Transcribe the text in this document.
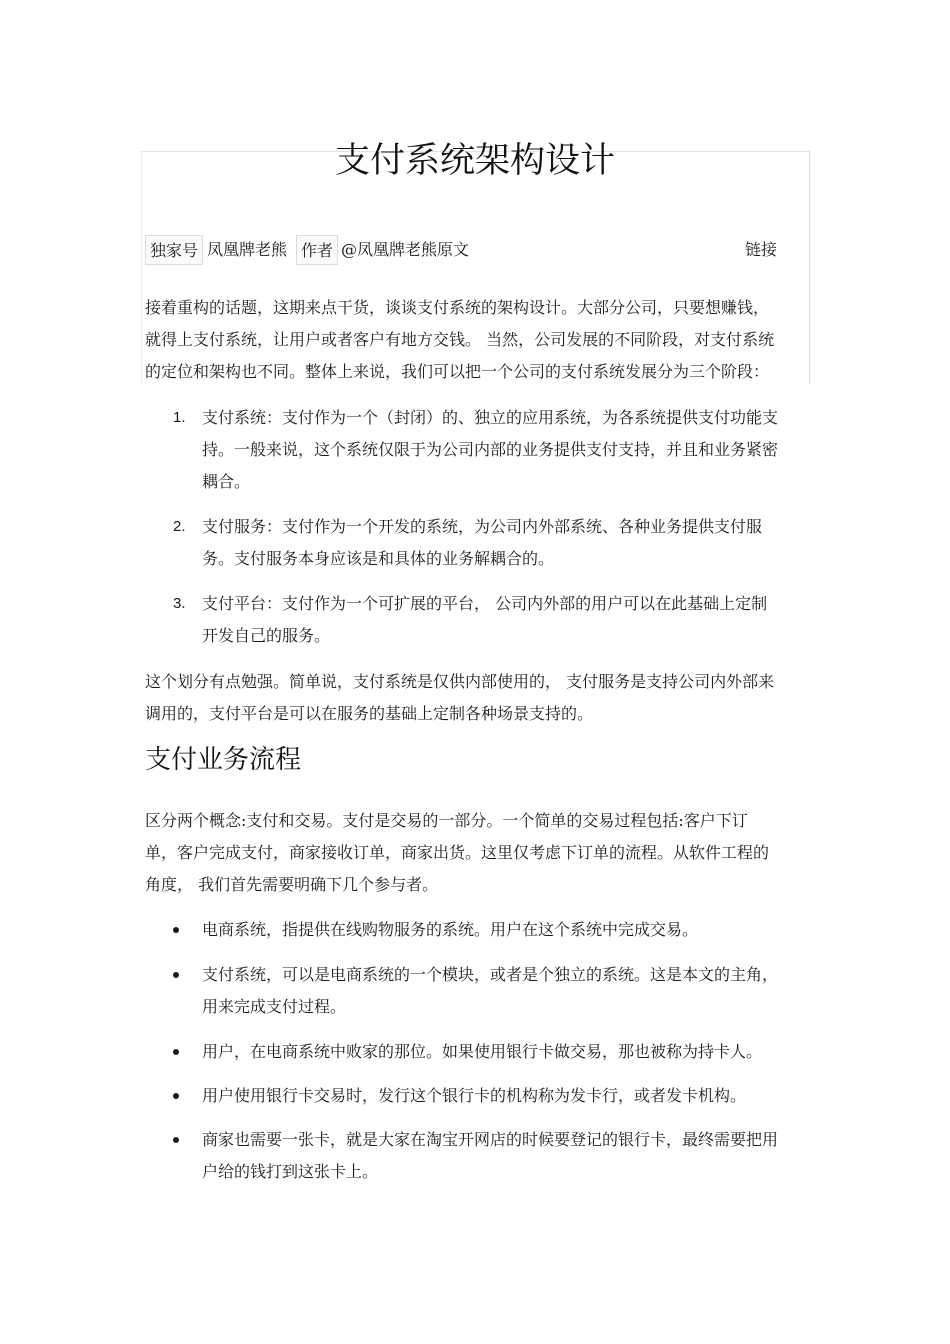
支付系统架构设计
独家号 凤凰牌老熊 作者 @凤凰牌老熊原文	链接

接着重构的话题，这期来点干货，谈谈支付系统的架构设计。大部分公司，只要想赚钱，
就得上支付系统，让用户或者客户有地方交钱。 当然，公司发展的不同阶段，对支付系统
的定位和架构也不同。整体上来说，我们可以把一个公司的支付系统发展分为三个阶段：

1.	支付系统：支付作为一个（封闭）的、独立的应用系统，为各系统提供支付功能支
持。一般来说，这个系统仅限于为公司内部的业务提供支付支持，并且和业务紧密
耦合。
2.	支付服务：支付作为一个开发的系统，为公司内外部系统、各种业务提供支付服
务。支付服务本身应该是和具体的业务解耦合的。
3.	支付平台：支付作为一个可扩展的平台， 公司内外部的用户可以在此基础上定制
开发自己的服务。

这个划分有点勉强。简单说，支付系统是仅供内部使用的， 支付服务是支持公司内外部来
调用的，支付平台是可以在服务的基础上定制各种场景支持的。

支付业务流程

区分两个概念:支付和交易。支付是交易的一部分。一个简单的交易过程包括:客户下订
单，客户完成支付，商家接收订单，商家出货。这里仅考虑下订单的流程。从软件工程的
角度， 我们首先需要明确下几个参与者。

电商系统，指提供在线购物服务的系统。用户在这个系统中完成交易。
支付系统，可以是电商系统的一个模块，或者是个独立的系统。这是本文的主角，
用来完成支付过程。
用户，在电商系统中败家的那位。如果使用银行卡做交易，那也被称为持卡人。
用户使用银行卡交易时，发行这个银行卡的机构称为发卡行，或者发卡机构。
商家也需要一张卡，就是大家在淘宝开网店的时候要登记的银行卡，最终需要把用
户给的钱打到这张卡上。
